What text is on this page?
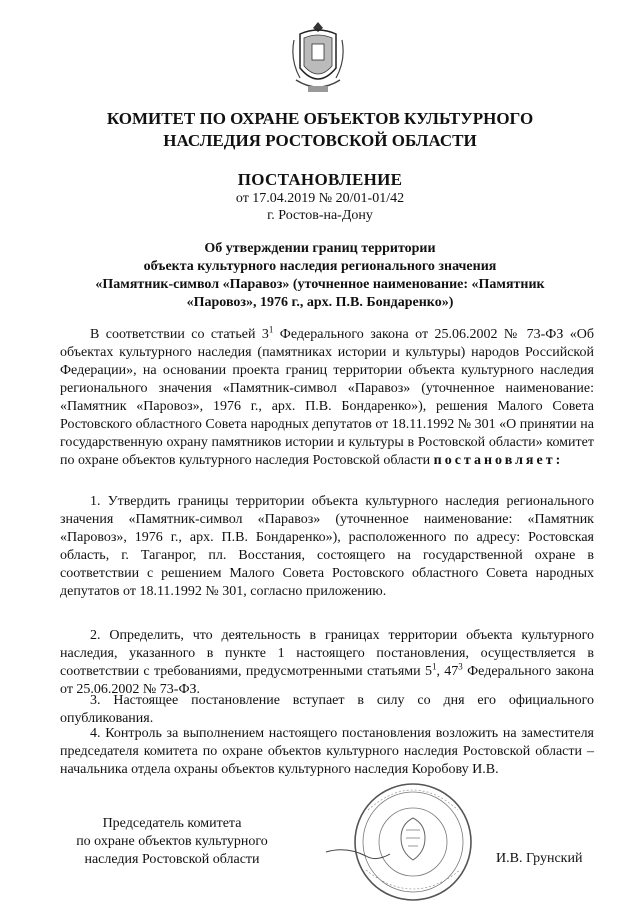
КОМИТЕТ ПО ОХРАНЕ ОБЪЕКТОВ КУЛЬТУРНОГО
НАСЛЕДИЯ РОСТОВСКОЙ ОБЛАСТИ
ПОСТАНОВЛЕНИЕ
от 17.04.2019 № 20/01-01/42
г. Ростов-на-Дону
Об утверждении границ территории
объекта культурного наследия регионального значения
«Памятник-символ «Паравоз» (уточненное наименование: «Памятник
«Паровоз», 1976 г., арх. П.В. Бондаренко»)
В соответствии со статьей $3^1$ Федерального закона от 25.06.2002 № 73-ФЗ «Об объектах культурного наследия (памятниках истории и культуры) народов Российской Федерации», на основании проекта границ территории объекта культурного наследия регионального значения «Памятник-символ «Паравоз» (уточненное наименование: «Памятник «Паровоз», 1976 г., арх. П.В. Бондаренко»), решения Малого Совета Ростовского областного Совета народных депутатов от 18.11.1992 № 301 «О принятии на государственную охрану памятников истории и культуры в Ростовской области» комитет по охране объектов культурного наследия Ростовской области постановляет:
1. Утвердить границы территории объекта культурного наследия регионального значения «Памятник-символ «Паравоз» (уточненное наименование: «Памятник «Паровоз», 1976 г., арх. П.В. Бондаренко»), расположенного по адресу: Ростовская область, г. Таганрог, пл. Восстания, состоящего на государственной охране в соответствии с решением Малого Совета Ростовского областного Совета народных депутатов от 18.11.1992 № 301, согласно приложению.
2. Определить, что деятельность в границах территории объекта культурного наследия, указанного в пункте 1 настоящего постановления, осуществляется в соответствии с требованиями, предусмотренными статьями $5^1$, $47^3$ Федерального закона от 25.06.2002 № 73-ФЗ.
3. Настоящее постановление вступает в силу со дня его официального опубликования.
4. Контроль за выполнением настоящего постановления возложить на заместителя председателя комитета по охране объектов культурного наследия Ростовской области – начальника отдела охраны объектов культурного наследия Коробову И.В.
Председатель комитета
по охране объектов культурного
наследия Ростовской области	И.В. Грунский
